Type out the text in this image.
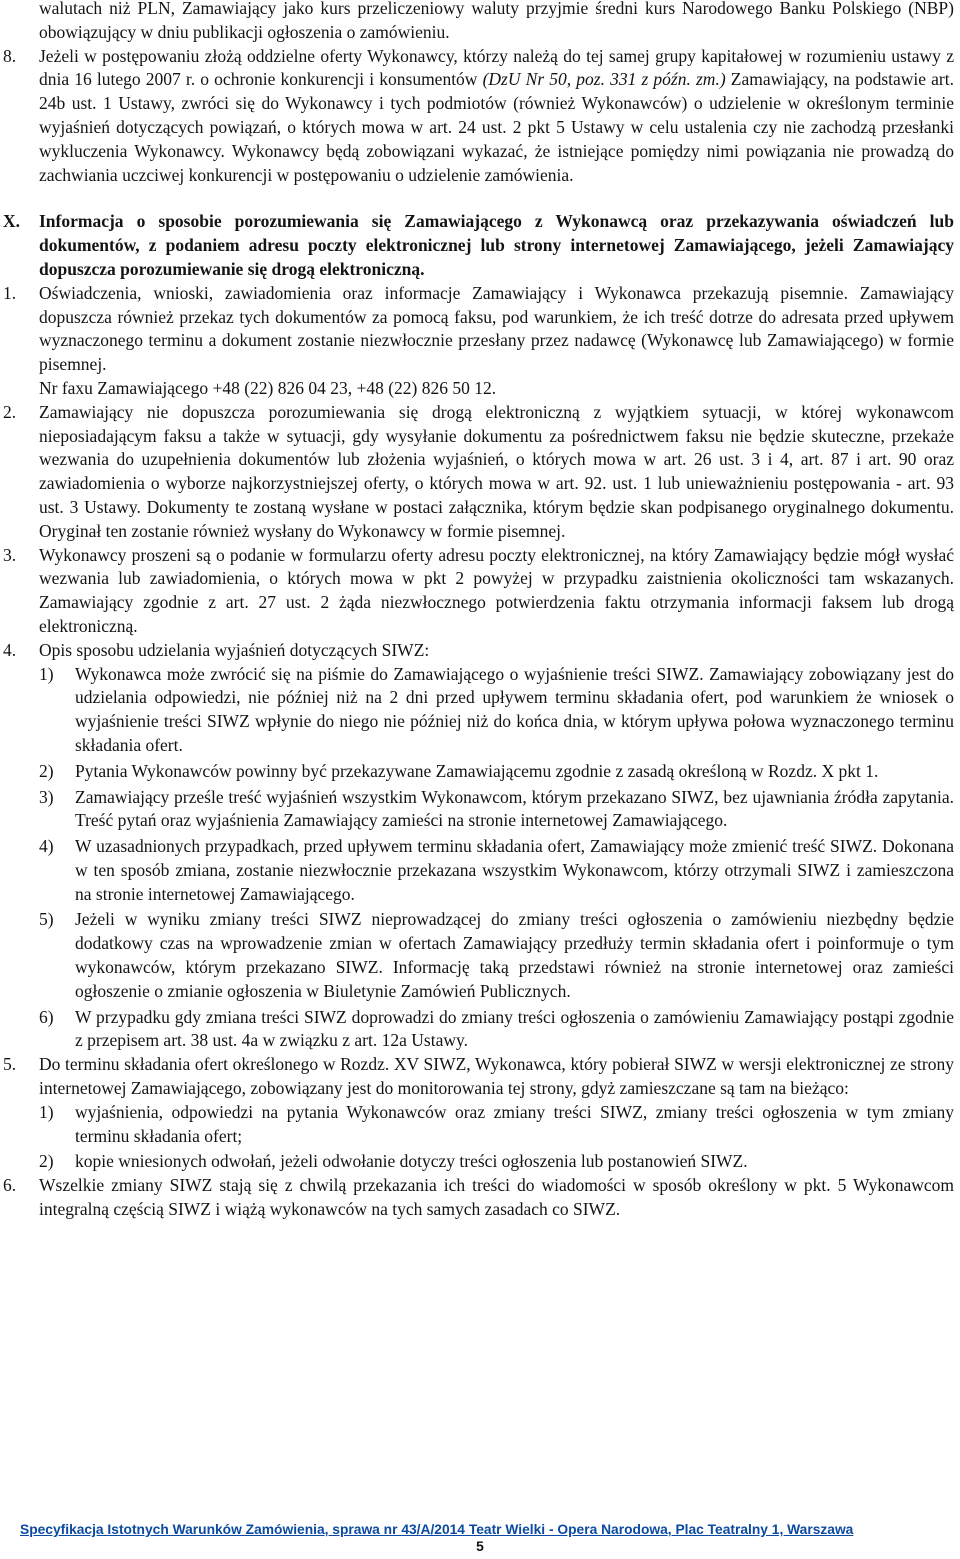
walutach niż PLN, Zamawiający jako kurs przeliczeniowy waluty przyjmie średni kurs Narodowego Banku Polskiego (NBP) obowiązujący w dniu publikacji ogłoszenia o zamówieniu.

8.	Jeżeli w postępowaniu złożą oddzielne oferty Wykonawcy, którzy należą do tej samej grupy kapitałowej w rozumieniu ustawy z dnia 16 lutego 2007 r. o ochronie konkurencji i konsumentów (DzU Nr 50, poz. 331 z późn. zm.) Zamawiający, na podstawie art. 24b ust. 1 Ustawy, zwróci się do Wykonawcy i tych podmiotów (również Wykonawców) o udzielenie w określonym terminie wyjaśnień dotyczących powiązań, o których mowa w art. 24 ust. 2 pkt 5 Ustawy w celu ustalenia czy nie zachodzą przesłanki wykluczenia Wykonawcy. Wykonawcy będą zobowiązani wykazać, że istniejące pomiędzy nimi powiązania nie prowadzą do zachwiania uczciwej konkurencji w postępowaniu o udzielenie zamówienia.

X.	Informacja o sposobie porozumiewania się Zamawiającego z Wykonawcą oraz przekazywania oświadczeń lub dokumentów, z podaniem adresu poczty elektronicznej lub strony internetowej Zamawiającego, jeżeli Zamawiający dopuszcza porozumiewanie się drogą elektroniczną.

1.	Oświadczenia, wnioski, zawiadomienia oraz informacje Zamawiający i Wykonawca przekazują pisemnie. Zamawiający dopuszcza również przekaz tych dokumentów za pomocą faksu, pod warunkiem, że ich treść dotrze do adresata przed upływem wyznaczonego terminu a dokument zostanie niezwłocznie przesłany przez nadawcę (Wykonawcę lub Zamawiającego) w formie pisemnej.

Nr faxu Zamawiającego +48 (22) 826 04 23, +48 (22) 826 50 12.

2.	Zamawiający nie dopuszcza porozumiewania się drogą elektroniczną z wyjątkiem sytuacji, w której wykonawcom nieposiadającym faksu a także w sytuacji, gdy wysyłanie dokumentu za pośrednictwem faksu nie będzie skuteczne, przekaże wezwania do uzupełnienia dokumentów lub złożenia wyjaśnień, o których mowa w art. 26 ust. 3 i 4, art. 87 i art. 90 oraz zawiadomienia o wyborze najkorzystniejszej oferty, o których mowa w art. 92. ust. 1 lub unieważnieniu postępowania - art. 93 ust. 3 Ustawy. Dokumenty te zostaną wysłane w postaci załącznika, którym będzie skan podpisanego oryginalnego dokumentu. Oryginał ten zostanie również wysłany do Wykonawcy w formie pisemnej.

3.	Wykonawcy proszeni są o podanie w formularzu oferty adresu poczty elektronicznej, na który Zamawiający będzie mógł wysłać wezwania lub zawiadomienia, o których mowa w pkt 2 powyżej w przypadku zaistnienia okoliczności tam wskazanych. Zamawiający zgodnie z art. 27 ust. 2 żąda niezwłocznego potwierdzenia faktu otrzymania informacji faksem lub drogą elektroniczną.

4.	Opis sposobu udzielania wyjaśnień dotyczących SIWZ:

1)	Wykonawca może zwrócić się na piśmie do Zamawiającego o wyjaśnienie treści SIWZ. Zamawiający zobowiązany jest do udzielania odpowiedzi, nie później niż na 2 dni przed upływem terminu składania ofert, pod warunkiem że wniosek o wyjaśnienie treści SIWZ wpłynie do niego nie później niż do końca dnia, w którym upływa połowa wyznaczonego terminu składania ofert.

2)	Pytania Wykonawców powinny być przekazywane Zamawiającemu zgodnie z zasadą określoną w Rozdz. X pkt 1.

3)	Zamawiający prześle treść wyjaśnień wszystkim Wykonawcom, którym przekazano SIWZ, bez ujawniania źródła zapytania. Treść pytań oraz wyjaśnienia Zamawiający zamieści na stronie internetowej Zamawiającego.

4)	W uzasadnionych przypadkach, przed upływem terminu składania ofert, Zamawiający może zmienić treść SIWZ. Dokonana w ten sposób zmiana, zostanie niezwłocznie przekazana wszystkim Wykonawcom, którzy otrzymali SIWZ i zamieszczona na stronie internetowej Zamawiającego.

5)	Jeżeli w wyniku zmiany treści SIWZ nieprowadzącej do zmiany treści ogłoszenia o zamówieniu niezbędny będzie dodatkowy czas na wprowadzenie zmian w ofertach Zamawiający przedłuży termin składania ofert i poinformuje o tym wykonawców, którym przekazano SIWZ. Informację taką przedstawi również na stronie internetowej oraz zamieści ogłoszenie o zmianie ogłoszenia w Biuletynie Zamówień Publicznych.

6)	W przypadku gdy zmiana treści SIWZ doprowadzi do zmiany treści ogłoszenia o zamówieniu Zamawiający postąpi zgodnie z przepisem art. 38 ust. 4a w związku z art. 12a Ustawy.

5.	Do terminu składania ofert określonego w Rozdz. XV SIWZ, Wykonawca, który pobierał SIWZ w wersji elektronicznej ze strony internetowej Zamawiającego, zobowiązany jest do monitorowania tej strony, gdyż zamieszczane są tam na bieżąco:

1)	wyjaśnienia, odpowiedzi na pytania Wykonawców oraz zmiany treści SIWZ, zmiany treści ogłoszenia w tym zmiany terminu składania ofert;

2)	kopie wniesionych odwołań, jeżeli odwołanie dotyczy treści ogłoszenia lub postanowień SIWZ.

6.	Wszelkie zmiany SIWZ stają się z chwilą przekazania ich treści do wiadomości w sposób określony w pkt. 5 Wykonawcom integralną częścią SIWZ i wiążą wykonawców na tych samych zasadach co SIWZ.

Specyfikacja Istotnych Warunków Zamówienia, sprawa nr 43/A/2014 Teatr Wielki - Opera Narodowa, Plac Teatralny 1, Warszawa
5
